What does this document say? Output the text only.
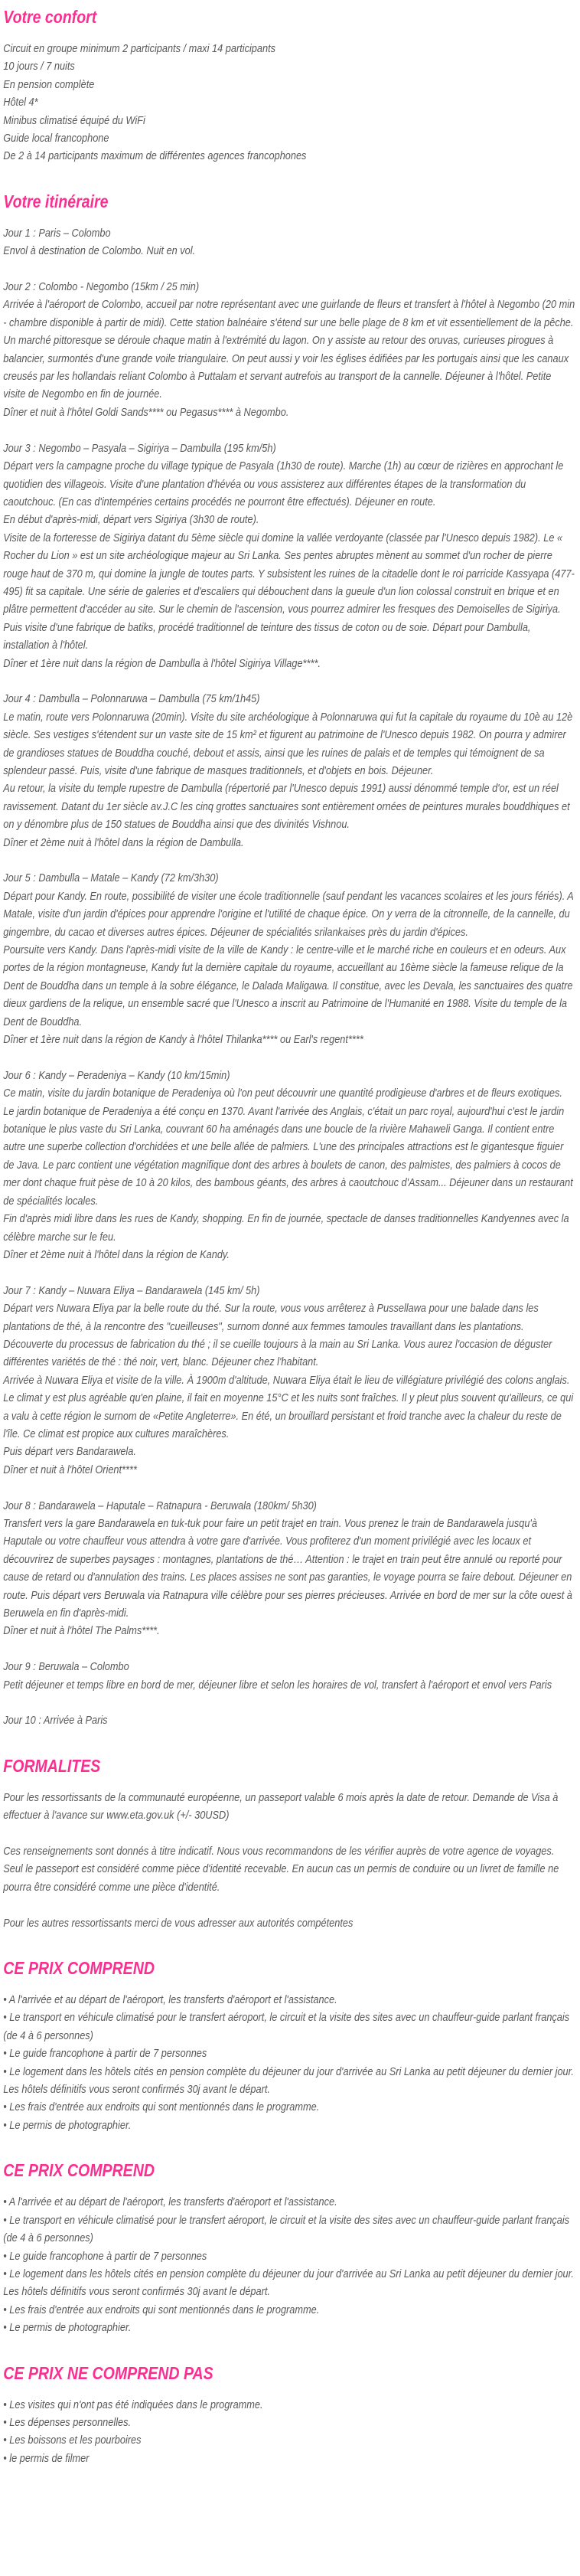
Votre confort

Circuit en groupe minimum 2 participants / maxi 14 participants

10 jours / 7 nuits

En pension complète

Hôtel 4*

Minibus climatisé équipé du WiFi

Guide local francophone

De 2 à 14 participants maximum de différentes agences francophones

Votre itinéraire

Jour 1 : Paris – Colombo

Envol à destination de Colombo. Nuit en vol.

Jour 2 : Colombo - Negombo (15km / 25 min)

Arrivée à l'aéroport de Colombo, accueil par notre représentant avec une guirlande de fleurs et transfert à l'hôtel à Negombo (20 min - chambre disponible à partir de midi). Cette station balnéaire s'étend sur une belle plage de 8 km et vit essentiellement de la pêche. Un marché pittoresque se déroule chaque matin à l'extrémité du lagon. On y assiste au retour des oruvas, curieuses pirogues à balancier, surmontés d'une grande voile triangulaire. On peut aussi y voir les églises édifiées par les portugais ainsi que les canaux creusés par les hollandais reliant Colombo à Puttalam et servant autrefois au transport de la cannelle. Déjeuner à l'hôtel. Petite visite de Negombo en fin de journée.

Dîner et nuit à l'hôtel Goldi Sands**** ou Pegasus**** à Negombo.

Jour 3 : Negombo – Pasyala – Sigiriya – Dambulla (195 km/5h)

Départ vers la campagne proche du village typique de Pasyala (1h30 de route). Marche (1h) au cœur de rizières en approchant le quotidien des villageois. Visite d'une plantation d'hévéa ou vous assisterez aux différentes étapes de la transformation du caoutchouc. (En cas d'intempéries certains procédés ne pourront être effectués). Déjeuner en route.

En début d'après-midi, départ vers Sigiriya (3h30 de route).

Visite de la forteresse de Sigiriya datant du 5ème siècle qui domine la vallée verdoyante (classée par l'Unesco depuis 1982). Le « Rocher du Lion » est un site archéologique majeur au Sri Lanka. Ses pentes abruptes mènent au sommet d'un rocher de pierre rouge haut de 370 m, qui domine la jungle de toutes parts. Y subsistent les ruines de la citadelle dont le roi parricide Kassyapa (477-495) fit sa capitale. Une série de galeries et d'escaliers qui débouchent dans la gueule d'un lion colossal construit en brique et en plâtre permettent d'accéder au site. Sur le chemin de l'ascension, vous pourrez admirer les fresques des Demoiselles de Sigiriya.

Puis visite d'une fabrique de batiks, procédé traditionnel de teinture des tissus de coton ou de soie. Départ pour Dambulla, installation à l'hôtel.

Dîner et 1ère nuit dans la région de Dambulla à l'hôtel Sigiriya Village****.

Jour 4 : Dambulla – Polonnaruwa – Dambulla (75 km/1h45)

Le matin, route vers Polonnaruwa (20min). Visite du site archéologique à Polonnaruwa qui fut la capitale du royaume du 10è au 12è siècle. Ses vestiges s'étendent sur un vaste site de 15 km² et figurent au patrimoine de l'Unesco depuis 1982. On pourra y admirer de grandioses statues de Bouddha couché, debout et assis, ainsi que les ruines de palais et de temples qui témoignent de sa splendeur passé. Puis, visite d'une fabrique de masques traditionnels, et d'objets en bois. Déjeuner.

Au retour, la visite du temple rupestre de Dambulla (répertorié par l'Unesco depuis 1991) aussi dénommé temple d'or, est un réel ravissement. Datant du 1er siècle av.J.C les cinq grottes sanctuaires sont entièrement ornées de peintures murales bouddhiques et on y dénombre plus de 150 statues de Bouddha ainsi que des divinités Vishnou.

Dîner et 2ème nuit à l'hôtel dans la région de Dambulla.

Jour 5 : Dambulla – Matale – Kandy (72 km/3h30)

Départ pour Kandy. En route, possibilité de visiter une école traditionnelle (sauf pendant les vacances scolaires et les jours fériés). A Matale, visite d'un jardin d'épices pour apprendre l'origine et l'utilité de chaque épice. On y verra de la citronnelle, de la cannelle, du gingembre, du cacao et diverses autres épices. Déjeuner de spécialités srilankaises près du jardin d'épices.

Poursuite vers Kandy. Dans l'après-midi visite de la ville de Kandy : le centre-ville et le marché riche en couleurs et en odeurs. Aux portes de la région montagneuse, Kandy fut la dernière capitale du royaume, accueillant au 16ème siècle la fameuse relique de la Dent de Bouddha dans un temple à la sobre élégance, le Dalada Maligawa. Il constitue, avec les Devala, les sanctuaires des quatre dieux gardiens de la relique, un ensemble sacré que l'Unesco a inscrit au Patrimoine de l'Humanité en 1988. Visite du temple de la Dent de Bouddha.

Dîner et 1ère nuit dans la région de Kandy à l'hôtel Thilanka**** ou Earl's regent****

Jour 6 : Kandy – Peradeniya – Kandy (10 km/15min)

Ce matin, visite du jardin botanique de Peradeniya où l'on peut découvrir une quantité prodigieuse d'arbres et de fleurs exotiques. Le jardin botanique de Peradeniya a été conçu en 1370. Avant l'arrivée des Anglais, c'était un parc royal, aujourd'hui c'est le jardin botanique le plus vaste du Sri Lanka, couvrant 60 ha aménagés dans une boucle de la rivière Mahaweli Ganga. Il contient entre autre une superbe collection d'orchidées et une belle allée de palmiers. L'une des principales attractions est le gigantesque figuier de Java. Le parc contient une végétation magnifique dont des arbres à boulets de canon, des palmistes, des palmiers à cocos de mer dont chaque fruit pèse de 10 à 20 kilos, des bambous géants, des arbres à caoutchouc d'Assam... Déjeuner dans un restaurant de spécialités locales.

Fin d'après midi libre dans les rues de Kandy, shopping. En fin de journée, spectacle de danses traditionnelles Kandyennes avec la célèbre marche sur le feu.

Dîner et 2ème nuit à l'hôtel dans la région de Kandy.

Jour 7 : Kandy – Nuwara Eliya – Bandarawela (145 km/ 5h)

Départ vers Nuwara Eliya par la belle route du thé. Sur la route, vous vous arrêterez à Pussellawa pour une balade dans les plantations de thé, à la rencontre des "cueilleuses", surnom donné aux femmes tamoules travaillant dans les plantations. Découverte du processus de fabrication du thé ; il se cueille toujours à la main au Sri Lanka. Vous aurez l'occasion de déguster différentes variétés de thé : thé noir, vert, blanc. Déjeuner chez l'habitant.

Arrivée à Nuwara Eliya et visite de la ville. À 1900m d'altitude, Nuwara Eliya était le lieu de villégiature privilégié des colons anglais. Le climat y est plus agréable qu'en plaine, il fait en moyenne 15°C et les nuits sont fraîches. Il y pleut plus souvent qu'ailleurs, ce qui a valu à cette région le surnom de «Petite Angleterre». En été, un brouillard persistant et froid tranche avec la chaleur du reste de l'île. Ce climat est propice aux cultures maraîchères.

Puis départ vers Bandarawela.

Dîner et nuit à l'hôtel Orient****

Jour 8 : Bandarawela – Haputale – Ratnapura - Beruwala (180km/ 5h30)

Transfert vers la gare Bandarawela en tuk-tuk pour faire un petit trajet en train. Vous prenez le train de Bandarawela jusqu'à Haputale ou votre chauffeur vous attendra à votre gare d'arrivée. Vous profiterez d'un moment privilégié avec les locaux et découvrirez de superbes paysages : montagnes, plantations de thé… Attention : le trajet en train peut être annulé ou reporté pour cause de retard ou d'annulation des trains. Les places assises ne sont pas garanties, le voyage pourra se faire debout. Déjeuner en route. Puis départ vers Beruwala via Ratnapura ville célèbre pour ses pierres précieuses. Arrivée en bord de mer sur la côte ouest à Beruwela en fin d'après-midi.

Dîner et nuit à l'hôtel The Palms****.

Jour 9 : Beruwala – Colombo

Petit déjeuner et temps libre en bord de mer, déjeuner libre et selon les horaires de vol, transfert à l'aéroport et envol vers Paris

Jour 10 : Arrivée à Paris

FORMALITES

Pour les ressortissants de la communauté européenne, un passeport valable 6 mois après la date de retour. Demande de Visa à effectuer à l'avance sur www.eta.gov.uk (+/- 30USD)

Ces renseignements sont donnés à titre indicatif. Nous vous recommandons de les vérifier auprès de votre agence de voyages. Seul le passeport est considéré comme pièce d'identité recevable. En aucun cas un permis de conduire ou un livret de famille ne pourra être considéré comme une pièce d'identité.

Pour les autres ressortissants merci de vous adresser aux autorités compétentes

CE PRIX COMPREND

• A l'arrivée et au départ de l'aéroport, les transferts d'aéroport et l'assistance.

• Le transport en véhicule climatisé pour le transfert aéroport, le circuit et la visite des sites avec un chauffeur-guide parlant français (de 4 à 6 personnes)

• Le guide francophone à partir de 7 personnes

• Le logement dans les hôtels cités en pension complète du déjeuner du jour d'arrivée au Sri Lanka au petit déjeuner du dernier jour. Les hôtels définitifs vous seront confirmés 30j avant le départ.

• Les frais d'entrée aux endroits qui sont mentionnés dans le programme.

• Le permis de photographier.

CE PRIX COMPREND

• A l'arrivée et au départ de l'aéroport, les transferts d'aéroport et l'assistance.

• Le transport en véhicule climatisé pour le transfert aéroport, le circuit et la visite des sites avec un chauffeur-guide parlant français (de 4 à 6 personnes)

• Le guide francophone à partir de 7 personnes

• Le logement dans les hôtels cités en pension complète du déjeuner du jour d'arrivée au Sri Lanka au petit déjeuner du dernier jour. Les hôtels définitifs vous seront confirmés 30j avant le départ.

• Les frais d'entrée aux endroits qui sont mentionnés dans le programme.

• Le permis de photographier.

CE PRIX NE COMPREND PAS

• Les visites qui n'ont pas été indiquées dans le programme.

• Les dépenses personnelles.

• Les boissons et les pourboires

• le permis de filmer
